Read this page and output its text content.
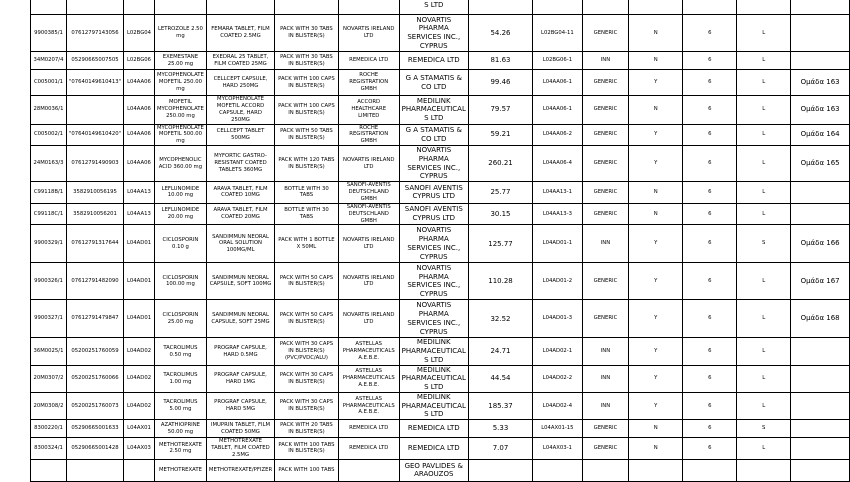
							S LTD							
9900385/1	07612797143056	L02BG04	LETROZOLE 2.50 mg	FEMARA TABLET, FILM COATED 2.5MG	PACK WITH 30 TABS IN BLISTER(S)	NOVARTIS IRELAND LTD	NOVARTIS PHARMA SERVICES INC., CYPRUS	54.26	L02BG04-11	GENERIC	N	6	L	
34M0207/4	05290665007505	L02BG06	EXEMESTANE 25.00 mg	EXEDRAL 25 TABLET, FILM COATED 25MG	PACK WITH 30 TABS IN BLISTER(S)	REMEDICA LTD	REMEDICA LTD	81.63	L02BG06-1	INN	N	6	L	
C005001/1	"07640149610413"	L04AA06	MYCOPHENOLATE MOFETIL 250.00 mg	CELLCEPT CAPSULE, HARD 250MG	PACK WITH 100 CAPS IN BLISTER(S)	ROCHE REGISTRATION GMBH	G A STAMATIS & CO LTD	99.46	L04AA06-1	GENERIC	Y	6	L	Ομάδα 163
28M0036/1		L04AA06	MOFETIL MYCOPHENOLATE 250.00 mg	MYCOPHENOLATE MOFETIL ACCORD CAPSULE, HARD 250MG	PACK WITH 100 CAPS IN BLISTER(S)	ACCORD HEALTHCARE LIMITED	MEDILINK PHARMACEUTICAL S LTD	79.57	L04AA06-1	GENERIC	N	6	L	Ομάδα 163
C005002/1	"07640149610420"	L04AA06	MYCOPHENOLATE MOFETIL 500.00 mg	CELLCEPT TABLET 500MG	PACK WITH 50 TABS IN BLISTER(S)	ROCHE REGISTRATION GMBH	G A STAMATIS & CO LTD	59.21	L04AA06-2	GENERIC	Y	6	L	Ομάδα 164
24M0163/3	07612791490903	L04AA06	MYCOPHENOLIC ACID 360.00 mg	MYFORTIC GASTRO-RESISTANT COATED TABLETS 360MG	PACK WITH 120 TABS IN BLISTER(S)	NOVARTIS IRELAND LTD	NOVARTIS PHARMA SERVICES INC., CYPRUS	260.21	L04AA06-4	GENERIC	Y	6	L	Ομάδα 165
C99118B/1	3582910056195	L04AA13	LEFLUNOMIDE 10.00 mg	ARAVA TABLET, FILM COATED 10MG	BOTTLE WITH 30 TABS	SANOFI-AVENTIS DEUTSCHLAND GMBH	SANOFI AVENTIS CYPRUS LTD	25.77	L04AA13-1	GENERIC	N	6	L	
C99118C/1	3582910056201	L04AA13	LEFLUNOMIDE 20.00 mg	ARAVA TABLET, FILM COATED 20MG	BOTTLE WITH 30 TABS	SANOFI-AVENTIS DEUTSCHLAND GMBH	SANOFI AVENTIS CYPRUS LTD	30.15	L04AA13-3	GENERIC	N	6	L	
9900329/1	07612791317644	L04AD01	CICLOSPORIN 0.10 g	SANDIMMUN NEORAL ORAL SOLUTION 100MG/ML	PACK WITH 1 BOTTLE X 50ML	NOVARTIS IRELAND LTD	NOVARTIS PHARMA SERVICES INC., CYPRUS	125.77	L04AD01-1	INN	Y	6	S	Ομάδα 166
9900326/1	07612791482090	L04AD01	CICLOSPORIN 100.00 mg	SANDIMMUN NEORAL CAPSULE, SOFT 100MG	PACK WITH 50 CAPS IN BLISTER(S)	NOVARTIS IRELAND LTD	NOVARTIS PHARMA SERVICES INC., CYPRUS	110.28	L04AD01-2	GENERIC	Y	6	L	Ομάδα 167
9900327/1	07612791479847	L04AD01	CICLOSPORIN 25.00 mg	SANDIMMUN NEORAL CAPSULE, SOFT 25MG	PACK WITH 50 CAPS IN BLISTER(S)	NOVARTIS IRELAND LTD	NOVARTIS PHARMA SERVICES INC., CYPRUS	32.52	L04AD01-3	GENERIC	Y	6	L	Ομάδα 168
36M0025/1	05200251760059	L04AD02	TACROLIMUS 0.50 mg	PROGRAF CAPSULE, HARD 0.5MG	PACK WITH 30 CAPS IN BLISTER(S) (PVC/PVDC/ALU)	ASTELLAS PHARMACEUTICALS A.E.B.E.	MEDILINK PHARMACEUTICAL S LTD	24.71	L04AD02-1	INN	Y	6	L	
20M0307/2	05200251760066	L04AD02	TACROLIMUS 1.00 mg	PROGRAF CAPSULE, HARD 1MG	PACK WITH 30 CAPS IN BLISTER(S)	ASTELLAS PHARMACEUTICALS A.E.B.E.	MEDILINK PHARMACEUTICAL S LTD	44.54	L04AD02-2	INN	Y	6	L	
20M0308/2	05200251760073	L04AD02	TACROLIMUS 5.00 mg	PROGRAF CAPSULE, HARD 5MG	PACK WITH 30 CAPS IN BLISTER(S)	ASTELLAS PHARMACEUTICALS A.E.B.E.	MEDILINK PHARMACEUTICAL S LTD	185.37	L04AD02-4	INN	Y	6	L	
8300220/1	05290665001633	L04AX01	AZATHIOPRINE 50.00 mg	IMUPRIN TABLET, FILM COATED 50MG	PACK WITH 20 TABS IN BLISTER(S)	REMEDICA LTD	REMEDICA LTD	5.33	L04AX01-15	GENERIC	N	6	S	
8300324/1	05290665001428	L04AX03	METHOTREXATE 2.50 mg	METHOTREXATE TABLET, FILM COATED 2.5MG	PACK WITH 100 TABS IN BLISTER(S)	REMEDICA LTD	REMEDICA LTD	7.07	L04AX03-1	GENERIC	N	6	L	
			METHOTREXATE	METHOTREXATE/PFIZER	PACK WITH 100 TABS		GEO PAVLIDES & ARAOUZOS							
